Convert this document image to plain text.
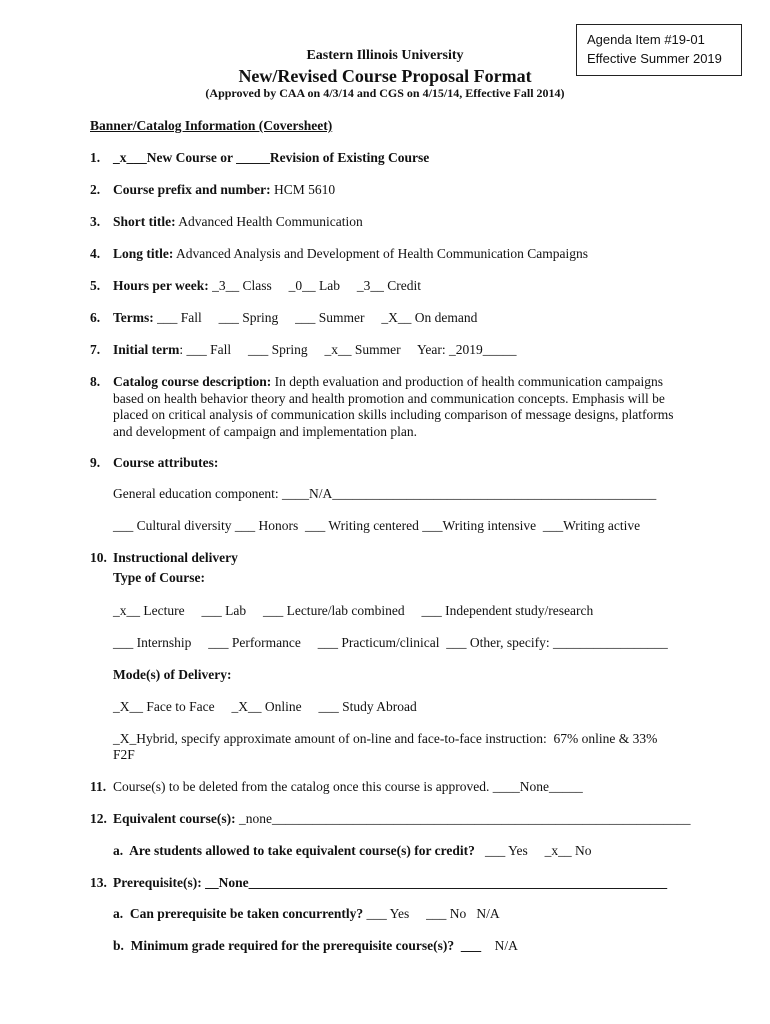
Agenda Item #19-01
Effective Summer 2019
Eastern Illinois University
New/Revised Course Proposal Format
(Approved by CAA on 4/3/14 and CGS on 4/15/14, Effective Fall 2014)
Banner/Catalog Information (Coversheet)
1. _x___New Course or _____Revision of Existing Course
2. Course prefix and number: HCM 5610
3. Short title: Advanced Health Communication
4. Long title: Advanced Analysis and Development of Health Communication Campaigns
5. Hours per week: _3__ Class     _0__ Lab     _3__ Credit
6. Terms: ___ Fall     ___ Spring     ___ Summer     _X__ On demand
7. Initial term: ___ Fall     ___ Spring     _x__ Summer     Year: _2019_____
8. Catalog course description: In depth evaluation and production of health communication campaigns based on health behavior theory and health promotion and communication concepts. Emphasis will be placed on critical analysis of communication skills including comparison of message designs, platforms and development of campaign and implementation plan.
9. Course attributes:
General education component: ____N/A________________________________________________
___ Cultural diversity ___ Honors  ___ Writing centered ___Writing intensive  ___Writing active
10. Instructional delivery
Type of Course:
_x__ Lecture     ___ Lab     ___ Lecture/lab combined     ___ Independent study/research
___ Internship     ___ Performance     ___ Practicum/clinical  ___ Other, specify: _________________
Mode(s) of Delivery:
_X__ Face to Face     _X__ Online     ___ Study Abroad
_X_Hybrid, specify approximate amount of on-line and face-to-face instruction:  67% online & 33%
F2F
11. Course(s) to be deleted from the catalog once this course is approved. ____None_____
12. Equivalent course(s): _none______________________________________________________________
a.  Are students allowed to take equivalent course(s) for credit?   ___ Yes     _x__ No
13. Prerequisite(s): __None______________________________________________________________
a.  Can prerequisite be taken concurrently? ___ Yes     ___ No   N/A
b.  Minimum grade required for the prerequisite course(s)?  ___    N/A
